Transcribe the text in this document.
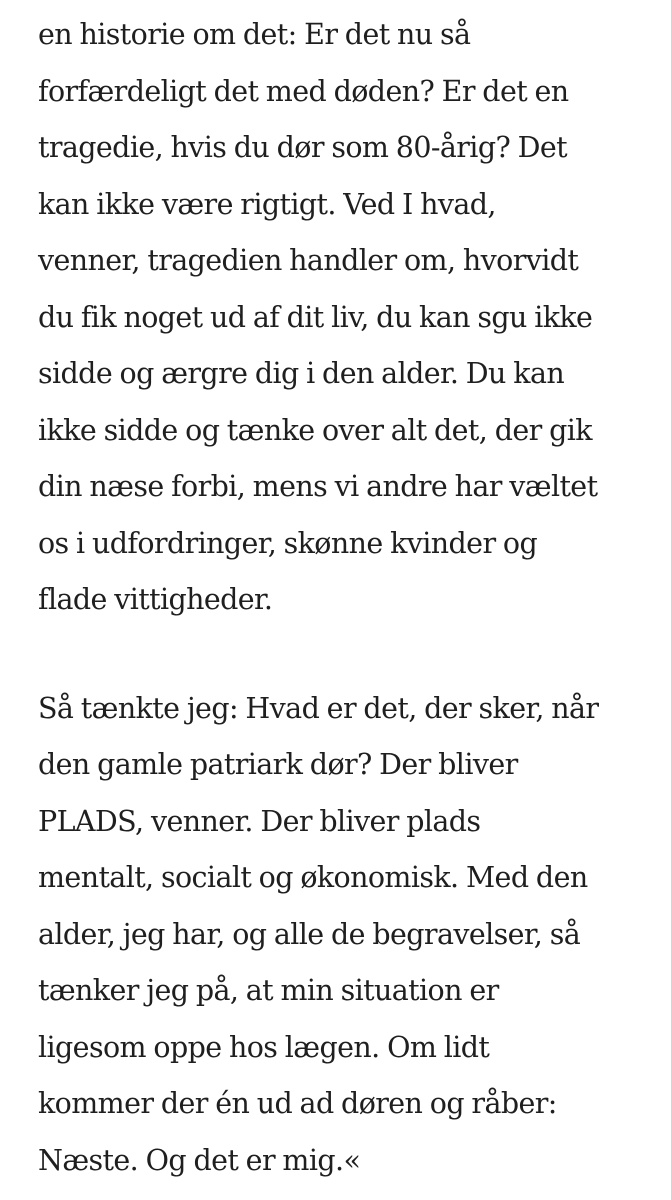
en historie om det: Er det nu så
forfærdeligt det med døden? Er det en
tragedie, hvis du dør som 80-årig? Det
kan ikke være rigtigt. Ved I hvad,
venner, tragedien handler om, hvorvidt
du fik noget ud af dit liv, du kan sgu ikke
sidde og ærgre dig i den alder. Du kan
ikke sidde og tænke over alt det, der gik
din næse forbi, mens vi andre har væltet
os i udfordringer, skønne kvinder og
flade vittigheder.

Så tænkte jeg: Hvad er det, der sker, når
den gamle patriark dør? Der bliver
PLADS, venner. Der bliver plads
mentalt, socialt og økonomisk. Med den
alder, jeg har, og alle de begravelser, så
tænker jeg på, at min situation er
ligesom oppe hos lægen. Om lidt
kommer der én ud ad døren og råber:
Næste. Og det er mig.«
